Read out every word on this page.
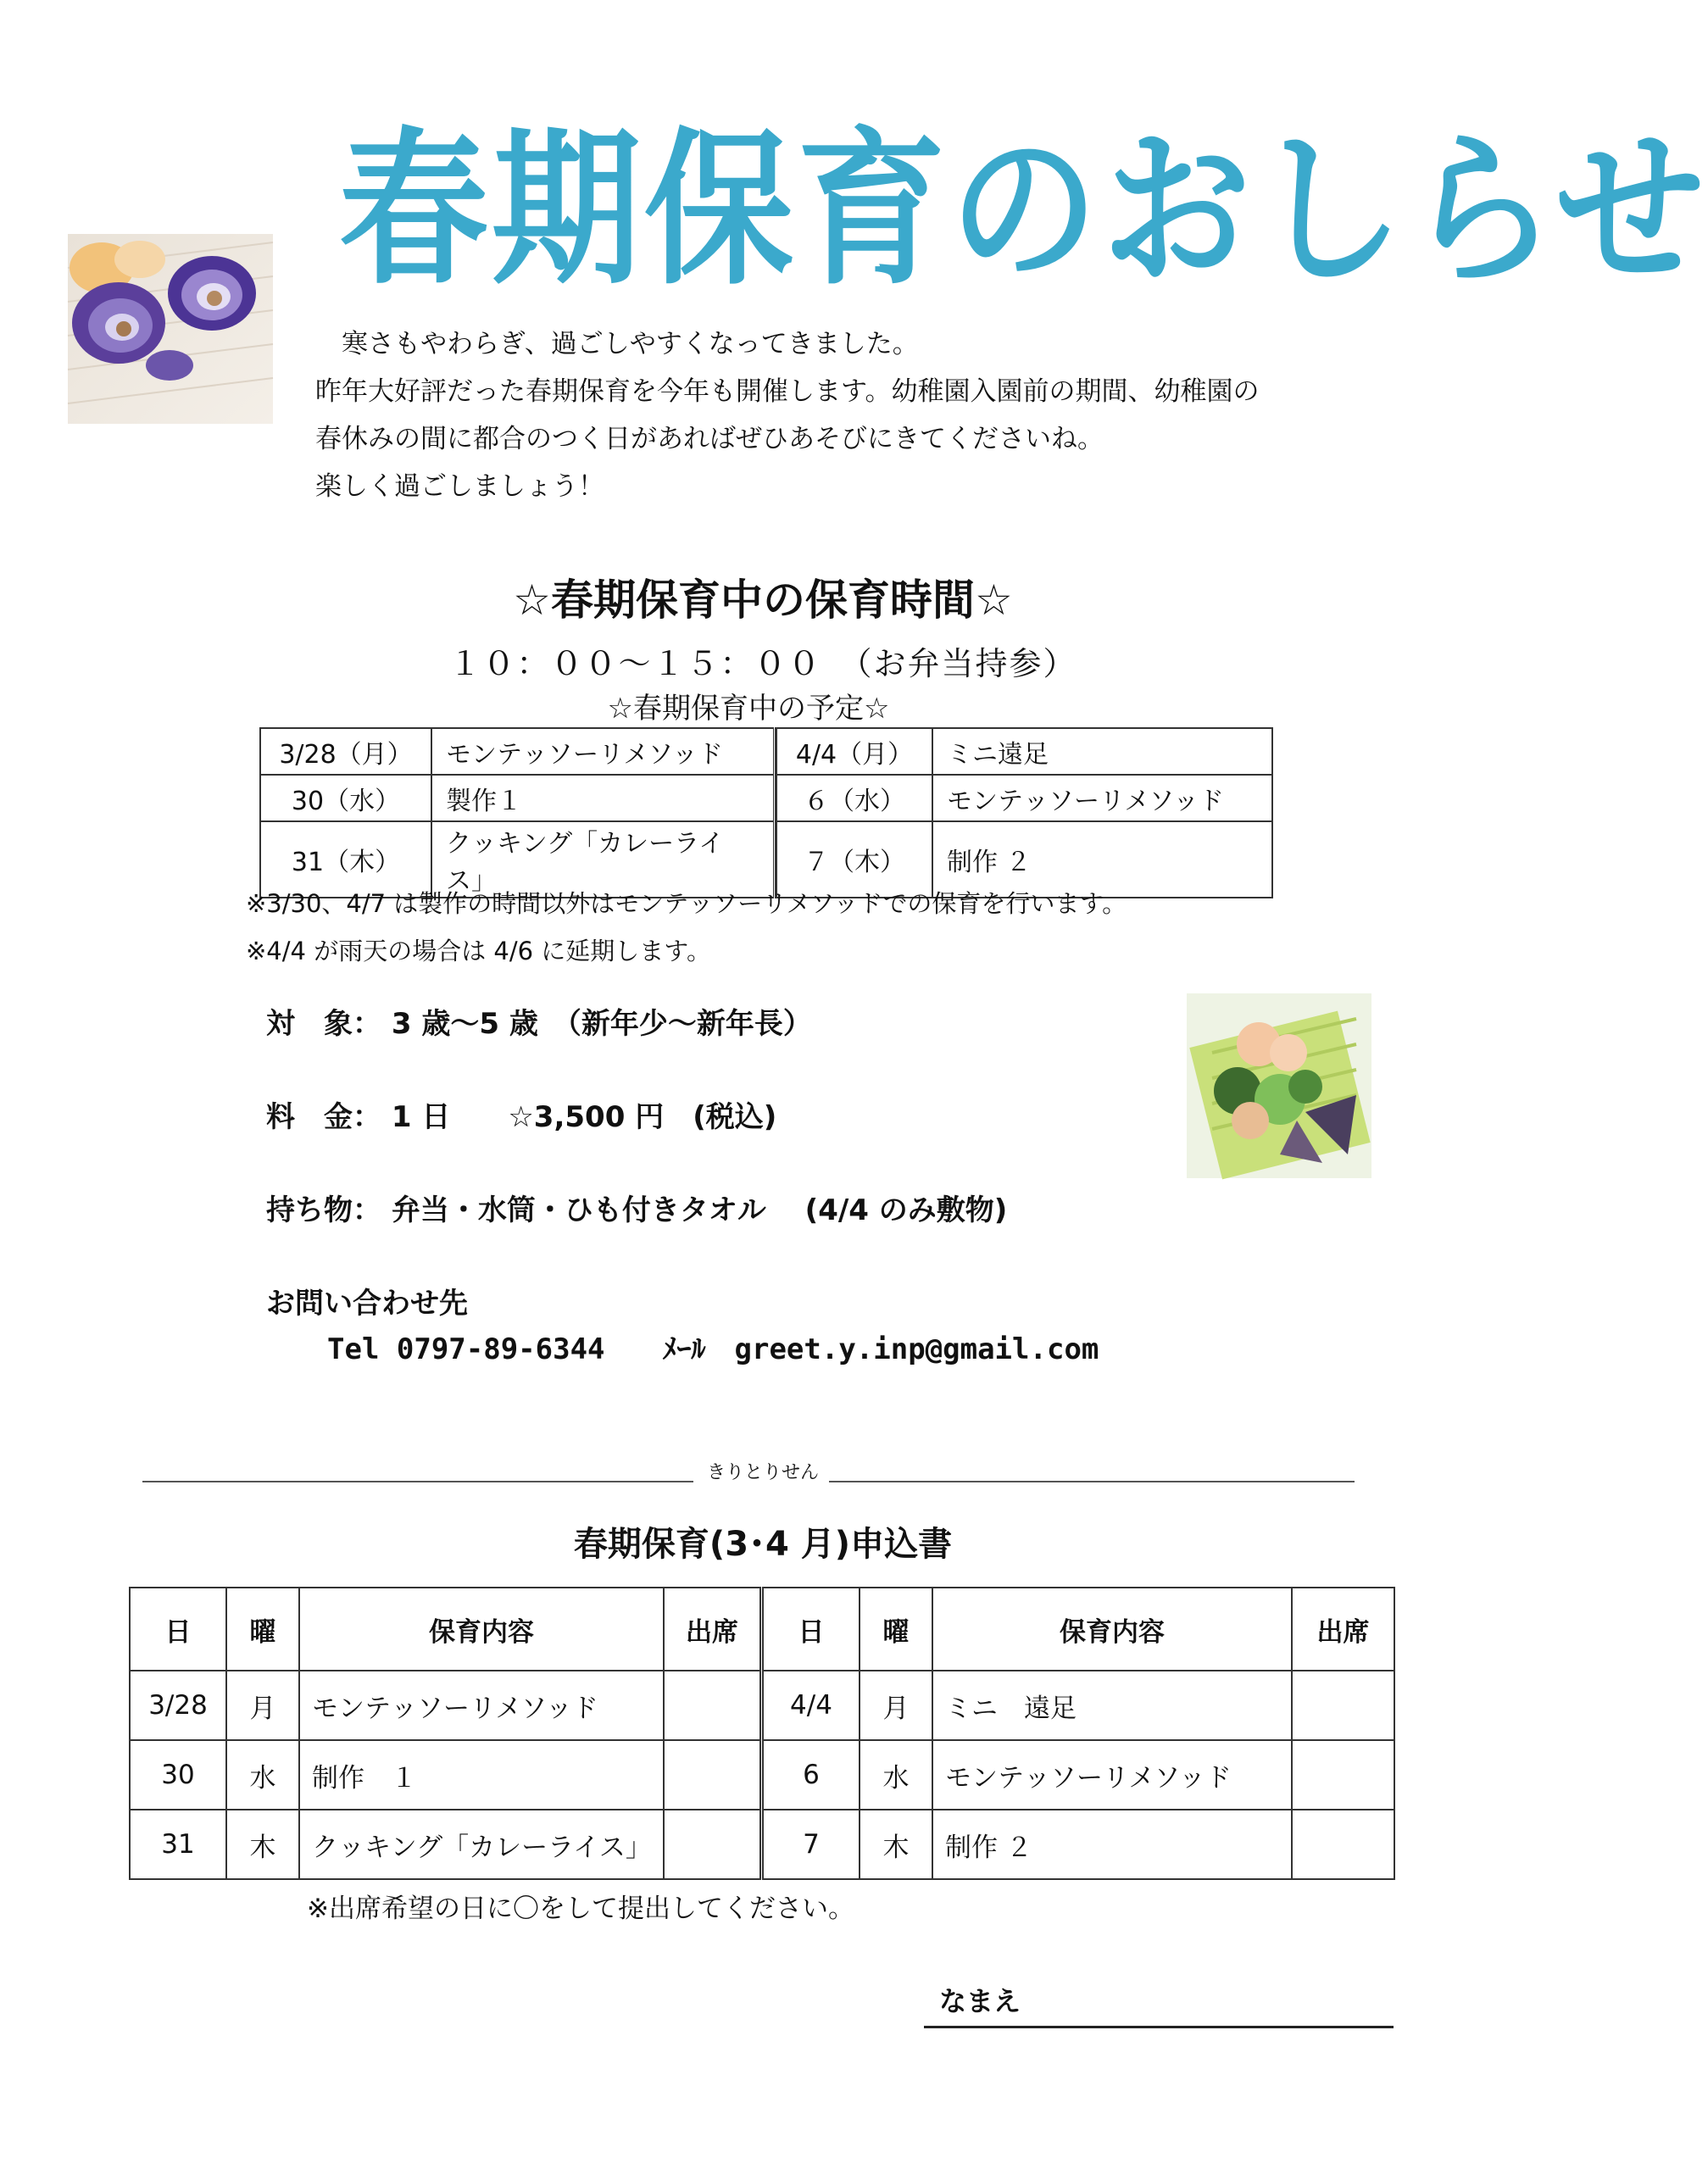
春期保育のおしらせ
　寒さもやわらぎ、過ごしやすくなってきました。
昨年大好評だった春期保育を今年も開催します。幼稚園入園前の期間、幼稚園の
春休みの間に都合のつく日があればぜひあそびにきてくださいね。
楽しく過ごしましょう！
☆春期保育中の保育時間☆
１０：００～１５：００　（お弁当持参）
☆春期保育中の予定☆
3/28（月）	モンテッソーリメソッド		4/4（月）	ミニ遠足
30（水）	製作１		６（水）	モンテッソーリメソッド
31（木）	クッキング「カレーライス」		７（木）	制作 ２
※3/30、4/7 は製作の時間以外はモンテッソーリメソッドでの保育を行います。
※4/4 が雨天の場合は 4/6 に延期します。
対　象： 3 歳～5 歳　（新年少～新年長）
料　金： 1 日　　☆3,500 円　(税込)
持ち物： 弁当・水筒・ひも付きタオル　 (4/4 のみ敷物)
お問い合わせ先
Tel 0797-89-6344　　ﾒｰﾙ　greet.y.inp@gmail.com
きりとりせん
春期保育(3･4 月)申込書
日	曜	保育内容	出席	日	曜	保育内容	出席
3/28	月	モンテッソーリメソッド		4/4	月	ミニ　遠足	
30	水	制作　１		6	水	モンテッソーリメソッド	
31	木	クッキング「カレーライス」		7	木	制作 ２	
※出席希望の日に〇をして提出してください。
なまえ
